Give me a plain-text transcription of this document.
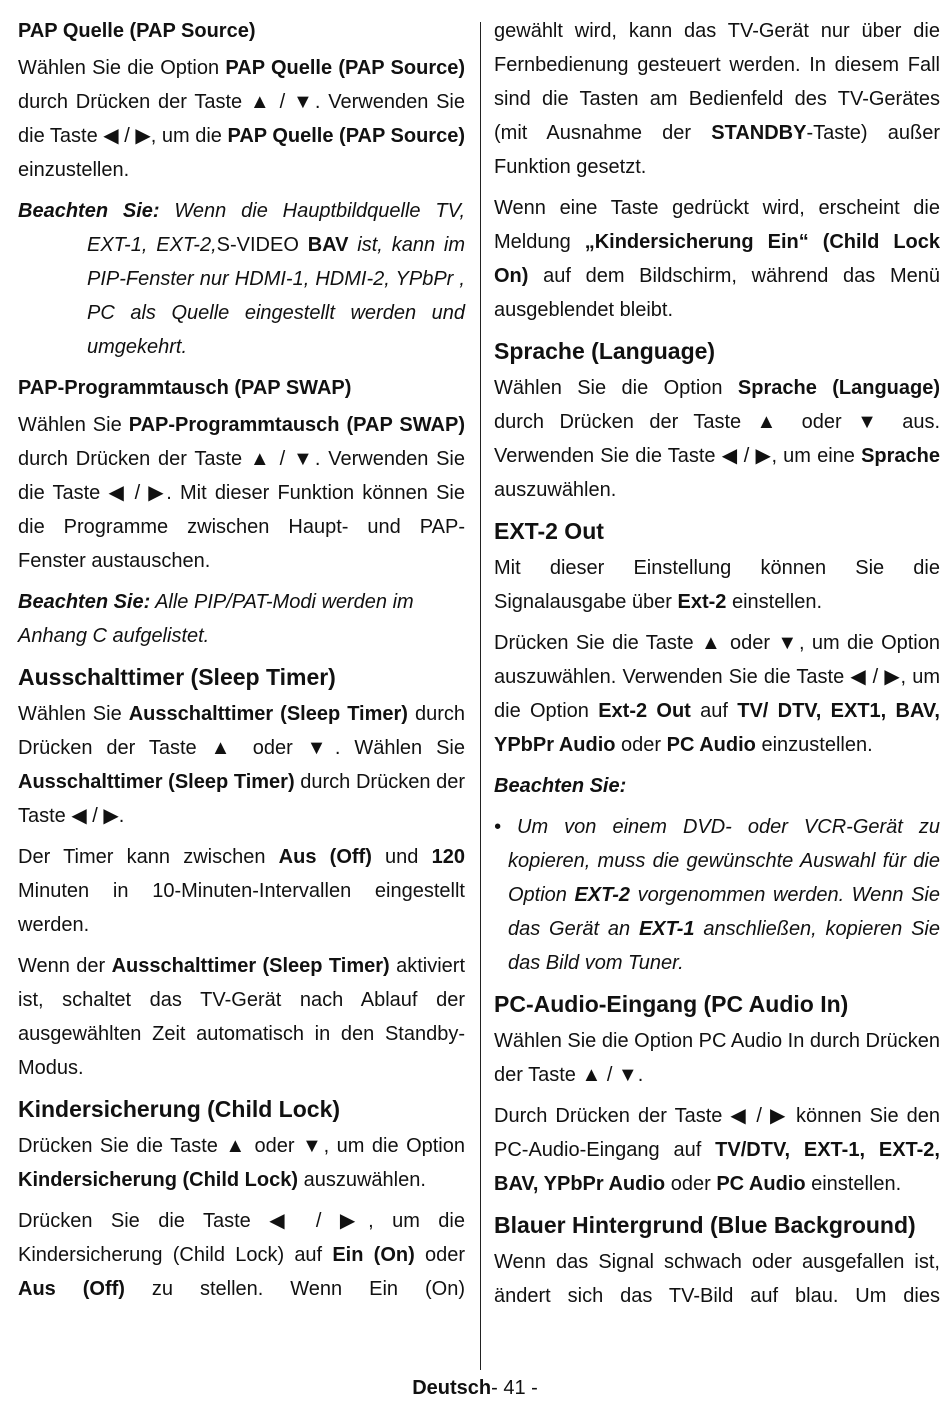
PAP Quelle (PAP Source)

Wählen Sie die Option PAP Quelle (PAP Source) durch Drücken der Taste ▲ / ▼. Verwenden Sie die Taste ◀ / ▶, um die PAP Quelle (PAP Source) einzustellen.

Beachten Sie: Wenn die Hauptbildquelle TV, EXT-1, EXT-2,S-VIDEO BAV ist, kann im PIP-Fenster nur HDMI-1, HDMI-2, YPbPr , PC als Quelle eingestellt werden und umgekehrt.

PAP-Programmtausch (PAP SWAP)

Wählen Sie PAP-Programmtausch (PAP SWAP) durch Drücken der Taste ▲ / ▼. Verwenden Sie die Taste ◀ / ▶. Mit dieser Funktion können Sie die Programme zwischen Haupt- und PAP-Fenster austauschen.

Beachten Sie: Alle PIP/PAT-Modi werden im Anhang C aufgelistet.

Ausschalttimer (Sleep Timer)

Wählen Sie Ausschalttimer (Sleep Timer) durch Drücken der Taste ▲ oder ▼. Wählen Sie Ausschalttimer (Sleep Timer) durch Drücken der Taste ◀ / ▶.

Der Timer kann zwischen Aus (Off) und 120 Minuten in 10-Minuten-Intervallen eingestellt werden.

Wenn der Ausschalttimer (Sleep Timer) aktiviert ist, schaltet das TV-Gerät nach Ablauf der ausgewählten Zeit automatisch in den Standby-Modus.

Kindersicherung (Child Lock)

Drücken Sie die Taste ▲ oder ▼, um die Option Kindersicherung (Child Lock) auszuwählen.

Drücken Sie die Taste ◀ / ▶, um die Kindersicherung (Child Lock) auf Ein (On) oder Aus (Off) zu stellen. Wenn Ein (On)

gewählt wird, kann das TV-Gerät nur über die Fernbedienung gesteuert werden. In diesem Fall sind die Tasten am Bedienfeld des TV-Gerätes (mit Ausnahme der STANDBY-Taste) außer Funktion gesetzt.

Wenn eine Taste gedrückt wird, erscheint die Meldung „Kindersicherung Ein“ (Child Lock On) auf dem Bildschirm, während das Menü ausgeblendet bleibt.

Sprache (Language)

Wählen Sie die Option Sprache (Language) durch Drücken der Taste ▲ oder ▼ aus. Verwenden Sie die Taste ◀ / ▶, um eine Sprache auszuwählen.

EXT-2 Out

Mit dieser Einstellung können Sie die Signalausgabe über Ext-2 einstellen.

Drücken Sie die Taste ▲ oder ▼, um die Option auszuwählen. Verwenden Sie die Taste ◀ / ▶, um die Option Ext-2 Out auf TV/ DTV, EXT1, BAV, YPbPr Audio oder PC Audio einzustellen.

Beachten Sie:

• Um von einem DVD- oder VCR-Gerät zu kopieren, muss die gewünschte Auswahl für die Option EXT-2 vorgenommen werden. Wenn Sie das Gerät an EXT-1 anschließen, kopieren Sie das Bild vom Tuner.

PC-Audio-Eingang (PC Audio In)

Wählen Sie die Option PC Audio In durch Drücken der Taste ▲ / ▼.

Durch Drücken der Taste ◀ / ▶ können Sie den PC-Audio-Eingang auf TV/DTV, EXT-1, EXT-2, BAV, YPbPr Audio oder PC Audio einstellen.

Blauer Hintergrund (Blue Background)

Wenn das Signal schwach oder ausgefallen ist, ändert sich das TV-Bild auf blau. Um dies

Deutsch- 41 -
